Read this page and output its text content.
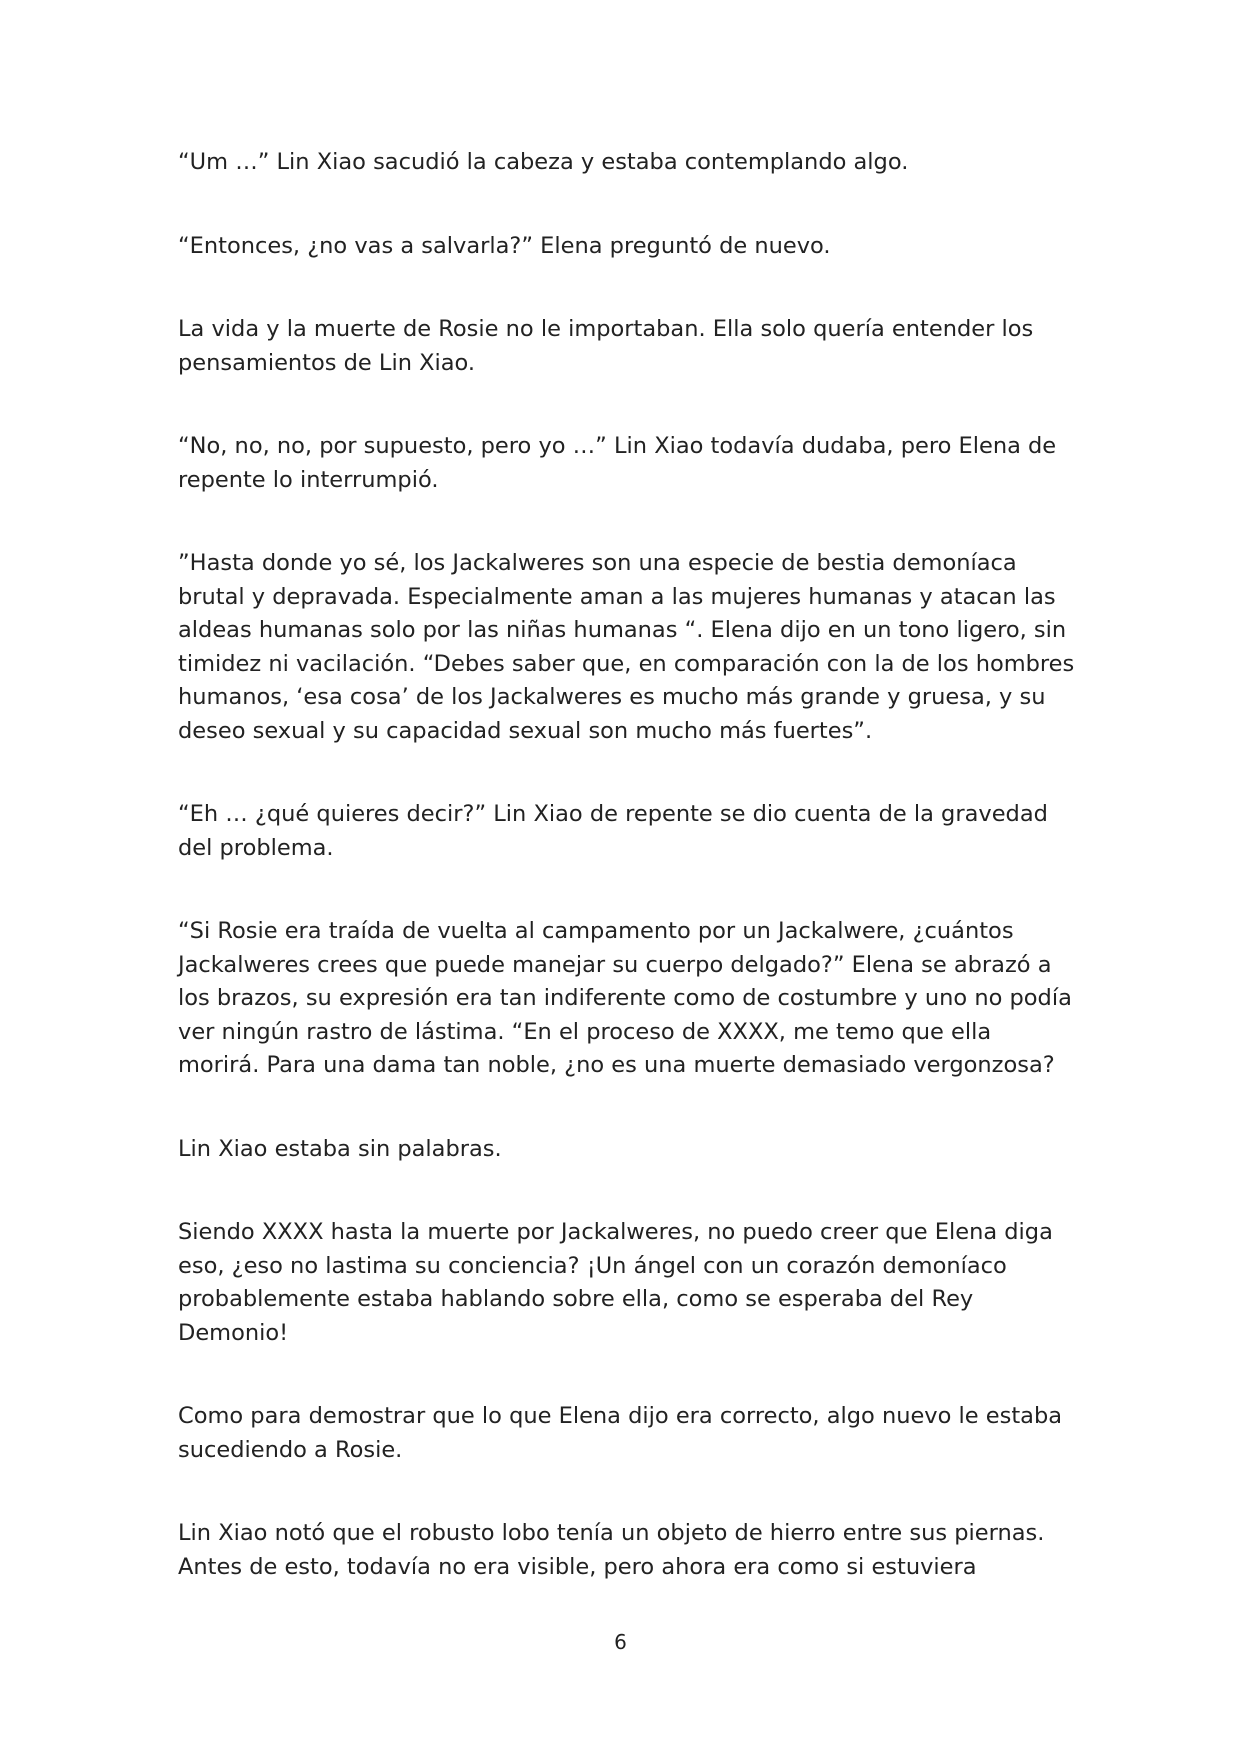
“Um …” Lin Xiao sacudió la cabeza y estaba contemplando algo.

“Entonces, ¿no vas a salvarla?” Elena preguntó de nuevo.

La vida y la muerte de Rosie no le importaban. Ella solo quería entender los pensamientos de Lin Xiao.

“No, no, no, por supuesto, pero yo …” Lin Xiao todavía dudaba, pero Elena de repente lo interrumpió.

”Hasta donde yo sé, los Jackalweres son una especie de bestia demoníaca brutal y depravada. Especialmente aman a las mujeres humanas y atacan las aldeas humanas solo por las niñas humanas “. Elena dijo en un tono ligero, sin timidez ni vacilación. “Debes saber que, en comparación con la de los hombres humanos, ‘esa cosa’ de los Jackalweres es mucho más grande y gruesa, y su deseo sexual y su capacidad sexual son mucho más fuertes”.

“Eh … ¿qué quieres decir?” Lin Xiao de repente se dio cuenta de la gravedad del problema.

“Si Rosie era traída de vuelta al campamento por un Jackalwere, ¿cuántos Jackalweres crees que puede manejar su cuerpo delgado?” Elena se abrazó a los brazos, su expresión era tan indiferente como de costumbre y uno no podía ver ningún rastro de lástima. “En el proceso de XXXX, me temo que ella morirá. Para una dama tan noble, ¿no es una muerte demasiado vergonzosa?

Lin Xiao estaba sin palabras.

Siendo XXXX hasta la muerte por Jackalweres, no puedo creer que Elena diga eso, ¿eso no lastima su conciencia? ¡Un ángel con un corazón demoníaco probablemente estaba hablando sobre ella, como se esperaba del Rey Demonio!

Como para demostrar que lo que Elena dijo era correcto, algo nuevo le estaba sucediendo a Rosie.

Lin Xiao notó que el robusto lobo tenía un objeto de hierro entre sus piernas. Antes de esto, todavía no era visible, pero ahora era como si estuviera

6
